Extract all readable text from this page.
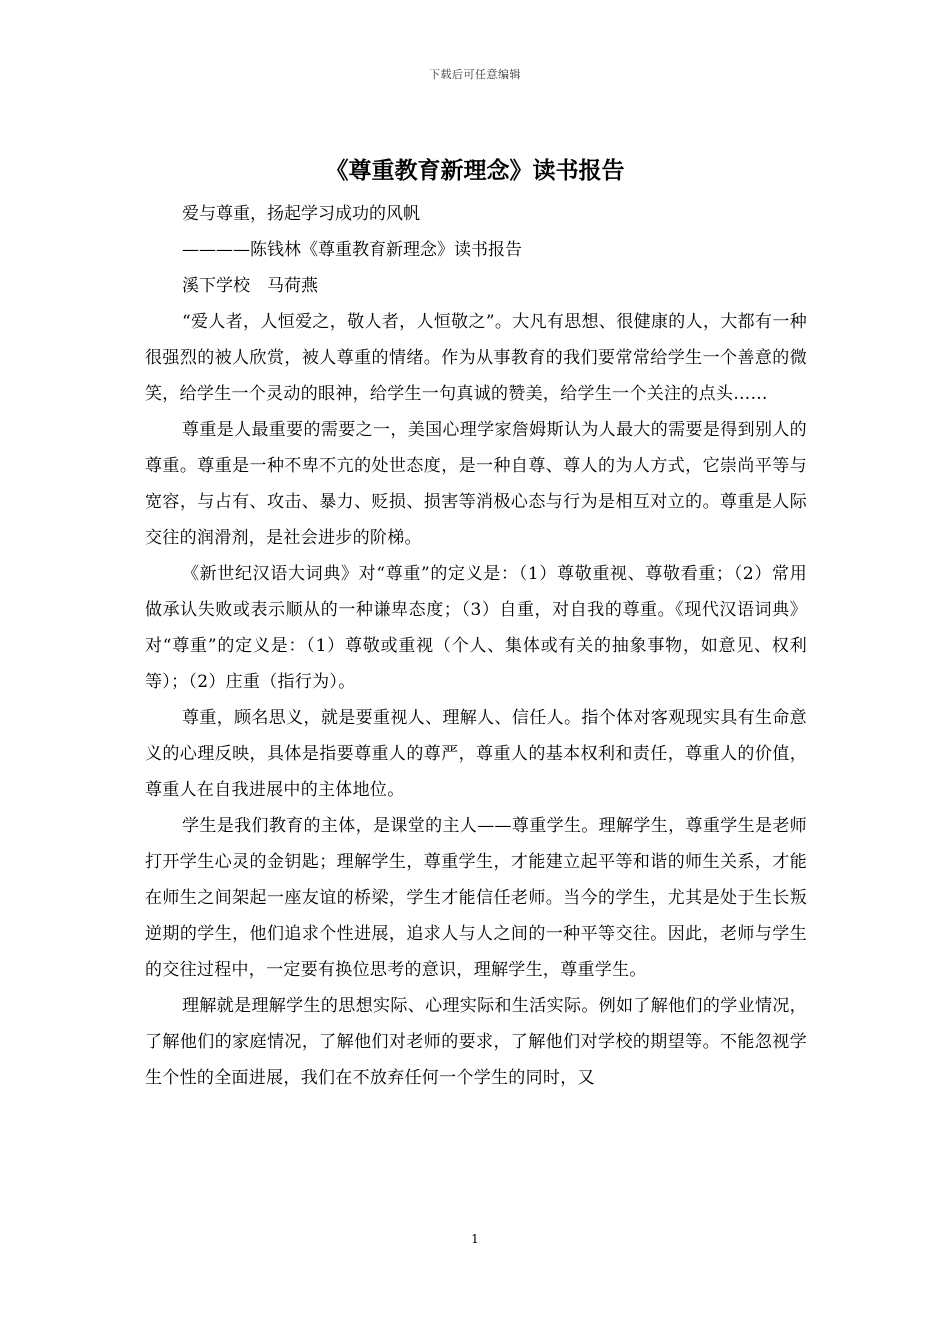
下载后可任意编辑
《尊重教育新理念》读书报告

爱与尊重，扬起学习成功的风帆

————陈钱林《尊重教育新理念》读书报告

溪下学校　马荷燕

“爱人者，人恒爱之，敬人者，人恒敬之”。大凡有思想、很健康的人，大都有一种很强烈的被人欣赏，被人尊重的情绪。作为从事教育的我们要常常给学生一个善意的微笑，给学生一个灵动的眼神，给学生一句真诚的赞美，给学生一个关注的点头……

尊重是人最重要的需要之一，美国心理学家詹姆斯认为人最大的需要是得到别人的尊重。尊重是一种不卑不亢的处世态度，是一种自尊、尊人的为人方式，它崇尚平等与宽容，与占有、攻击、暴力、贬损、损害等消极心态与行为是相互对立的。尊重是人际交往的润滑剂，是社会进步的阶梯。

《新世纪汉语大词典》对“尊重”的定义是：（1）尊敬重视、尊敬看重；（2）常用做承认失败或表示顺从的一种谦卑态度；（3）自重，对自我的尊重。《现代汉语词典》对“尊重”的定义是：（1）尊敬或重视（个人、集体或有关的抽象事物，如意见、权利等）；（2）庄重（指行为）。

尊重，顾名思义，就是要重视人、理解人、信任人。指个体对客观现实具有生命意义的心理反映，具体是指要尊重人的尊严，尊重人的基本权利和责任，尊重人的价值，尊重人在自我进展中的主体地位。

学生是我们教育的主体，是课堂的主人——尊重学生。理解学生，尊重学生是老师打开学生心灵的金钥匙；理解学生，尊重学生，才能建立起平等和谐的师生关系，才能在师生之间架起一座友谊的桥梁，学生才能信任老师。当今的学生，尤其是处于生长叛逆期的学生，他们追求个性进展，追求人与人之间的一种平等交往。因此，老师与学生的交往过程中，一定要有换位思考的意识，理解学生，尊重学生。

理解就是理解学生的思想实际、心理实际和生活实际。例如了解他们的学业情况，了解他们的家庭情况，了解他们对老师的要求，了解他们对学校的期望等。不能忽视学生个性的全面进展，我们在不放弃任何一个学生的同时，又

1
